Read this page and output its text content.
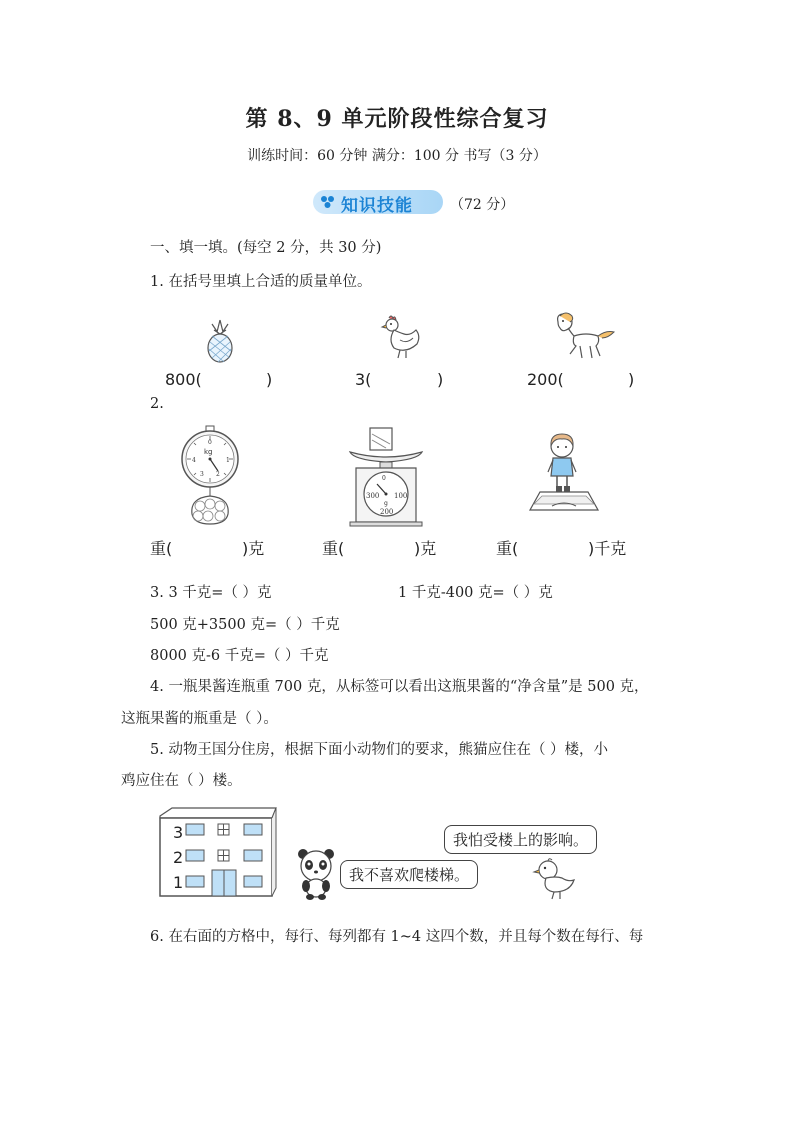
第 8、9 单元阶段性综合复习
训练时间：60 分钟 满分：100 分 书写（3 分）
知识技能	（72 分）
一、填一填。(每空 2 分，共 30 分)
1. 在括号里填上合适的质量单位。
800(	)	3(	)	200(	)
2.
0
kg
4	1
3 2
0
300 100
200
g
重(	)克	重(	)克	重(	)千克
3. 3 千克=（ ）克	1 千克-400 克=（ ）克
500 克+3500 克=（ ）千克
8000 克-6 千克=（ ）千克
4. 一瓶果酱连瓶重 700 克，从标签可以看出这瓶果酱的“净含量”是 500 克，
这瓶果酱的瓶重是（ ）。
5. 动物王国分住房，根据下面小动物们的要求，熊猫应住在（ ）楼，小
鸡应住在（ ）楼。
3
2
1	我不喜欢爬楼梯。
我怕受楼上的影响。
6. 在右面的方格中，每行、每列都有 1~4 这四个数，并且每个数在每行、每
